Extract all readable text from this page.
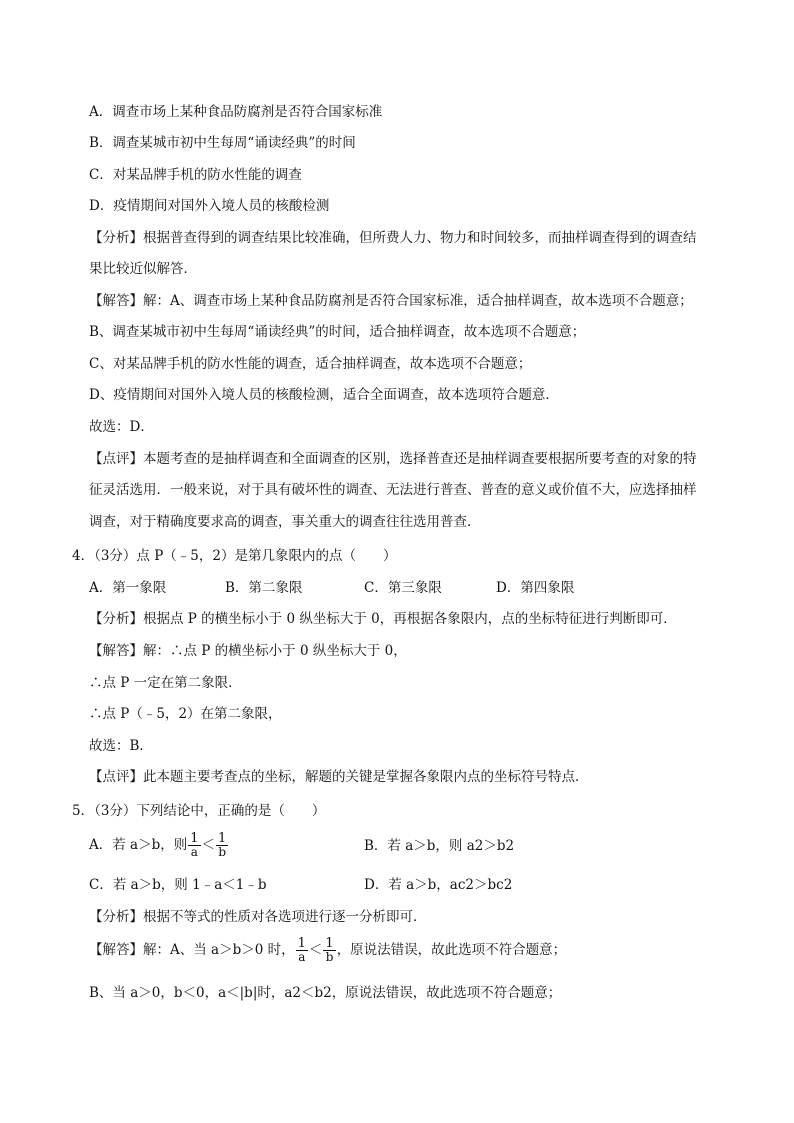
A．调查市场上某种食品防腐剂是否符合国家标准
B．调查某城市初中生每周“诵读经典”的时间
C．对某品牌手机的防水性能的调查
D．疫情期间对国外入境人员的核酸检测
【分析】根据普查得到的调查结果比较准确，但所费人力、物力和时间较多，而抽样调查得到的调查结
果比较近似解答．
【解答】解：A、调查市场上某种食品防腐剂是否符合国家标准，适合抽样调查，故本选项不合题意；
B、调查某城市初中生每周“诵读经典”的时间，适合抽样调查，故本选项不合题意；
C、对某品牌手机的防水性能的调查，适合抽样调查，故本选项不合题意；
D、疫情期间对国外入境人员的核酸检测，适合全面调查，故本选项符合题意．
故选：D．
【点评】本题考查的是抽样调查和全面调查的区别，选择普查还是抽样调查要根据所要考查的对象的特
征灵活选用．一般来说，对于具有破坏性的调查、无法进行普查、普查的意义或价值不大，应选择抽样
调查，对于精确度要求高的调查，事关重大的调查往往选用普查．
4．（3分）点 P（﹣5，2）是第几象限内的点（　　）
A．第一象限	B．第二象限	C．第三象限	D．第四象限
【分析】根据点 P 的横坐标小于 0 纵坐标大于 0，再根据各象限内，点的坐标特征进行判断即可．
【解答】解：∴点 P 的横坐标小于 0 纵坐标大于 0，
∴点 P 一定在第二象限．
∴点 P（﹣5，2）在第二象限，
故选：B．
【点评】此本题主要考查点的坐标，解题的关键是掌握各象限内点的坐标符号特点．
5．（3分）下列结论中，正确的是（　　）
A．若 a＞b，则 $\frac{1}{a} < \frac{1}{b}$	B．若 a＞b，则 a2＞b2
C．若 a＞b，则 1﹣a＜1﹣b	D．若 a＞b，ac2＞bc2
【分析】根据不等式的性质对各选项进行逐一分析即可．
【解答】解：A、当 a＞b＞0 时， $\frac{1}{a} < \frac{1}{b}$ ，原说法错误，故此选项不符合题意；
B、当 a＞0，b＜0，a＜|b|时，a2＜b2，原说法错误，故此选项不符合题意；
